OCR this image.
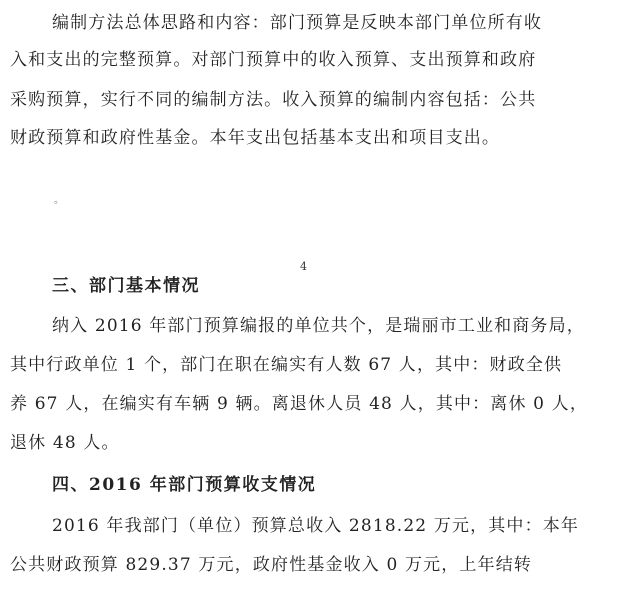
编制方法总体思路和内容：部门预算是反映本部门单位所有收
入和支出的完整预算。对部门预算中的收入预算、支出预算和政府
采购预算，实行不同的编制方法。收入预算的编制内容包括：公共
财政预算和政府性基金。本年支出包括基本支出和项目支出。
。
4
三、部门基本情况
纳入 2016 年部门预算编报的单位共个，是瑞丽市工业和商务局，
其中行政单位 1 个，部门在职在编实有人数 67 人，其中：财政全供
养 67 人，在编实有车辆 9 辆。离退休人员 48 人，其中：离休 0 人，
退休 48 人。
四、2016 年部门预算收支情况
2016 年我部门（单位）预算总收入 2818.22 万元，其中：本年
公共财政预算 829.37 万元，政府性基金收入 0 万元，上年结转
